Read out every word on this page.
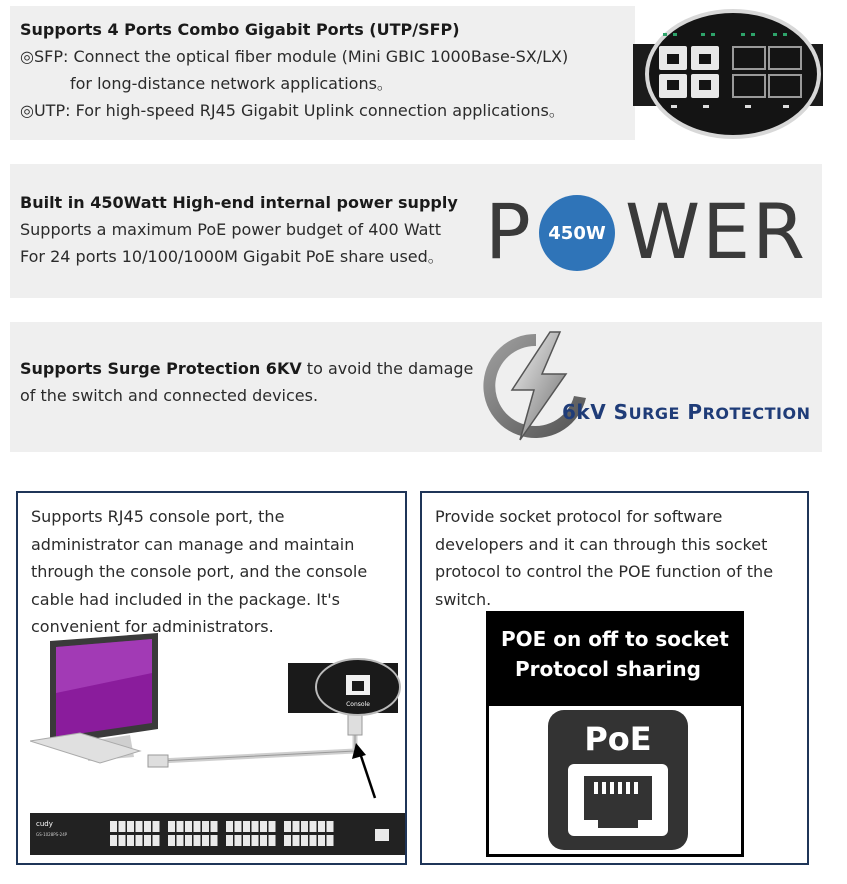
Supports 4 Ports Combo Gigabit Ports (UTP/SFP)
◎SFP: Connect the optical fiber module (Mini GBIC 1000Base-SX/LX)
for long-distance network applications。
◎UTP: For high-speed RJ45 Gigabit Uplink connection applications。
Built in 450Watt High-end internal power supply
Supports a maximum PoE power budget of 400 Watt
For 24 ports 10/100/1000M Gigabit PoE share used。 P 450W WER
Supports Surge Protection 6KV to avoid the damage
of the switch and connected devices.
6kV SURGE PROTECTION
Supports RJ45 console port, the
administrator can manage and maintain
through the console port, and the console
cable had included in the package. It's
convenient for administrators.
Console
cudy
GS-1028PS-24P
Provide socket protocol for software
developers and it can through this socket
protocol to control the POE function of the
switch.
POE on off to socket
Protocol sharing
PoE
